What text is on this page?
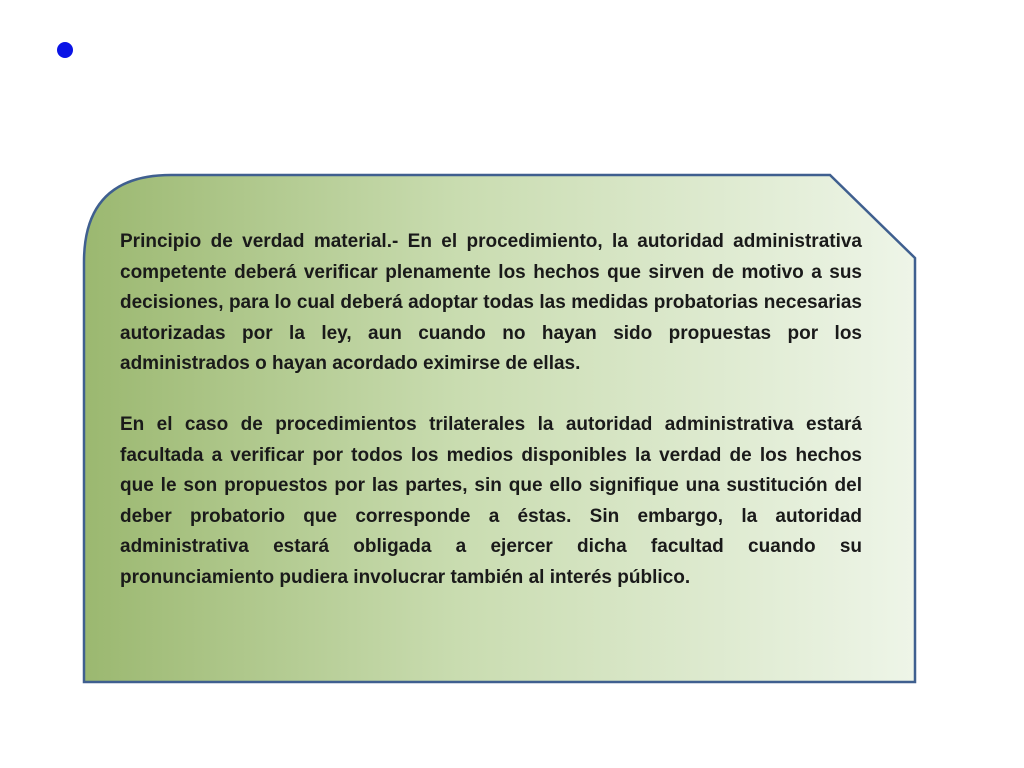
Principio de verdad material.- En el procedimiento, la autoridad administrativa competente deberá verificar plenamente los hechos que sirven de motivo a sus decisiones, para lo cual deberá adoptar todas las medidas probatorias necesarias autorizadas por la ley, aun cuando no hayan sido propuestas por los administrados o hayan acordado eximirse de ellas.

En el caso de procedimientos trilaterales la autoridad administrativa estará facultada a verificar por todos los medios disponibles la verdad de los hechos que le son propuestos por las partes, sin que ello signifique una sustitución del deber probatorio que corresponde a éstas. Sin embargo, la autoridad administrativa estará obligada a ejercer dicha facultad cuando su pronunciamiento pudiera involucrar también al interés público.
